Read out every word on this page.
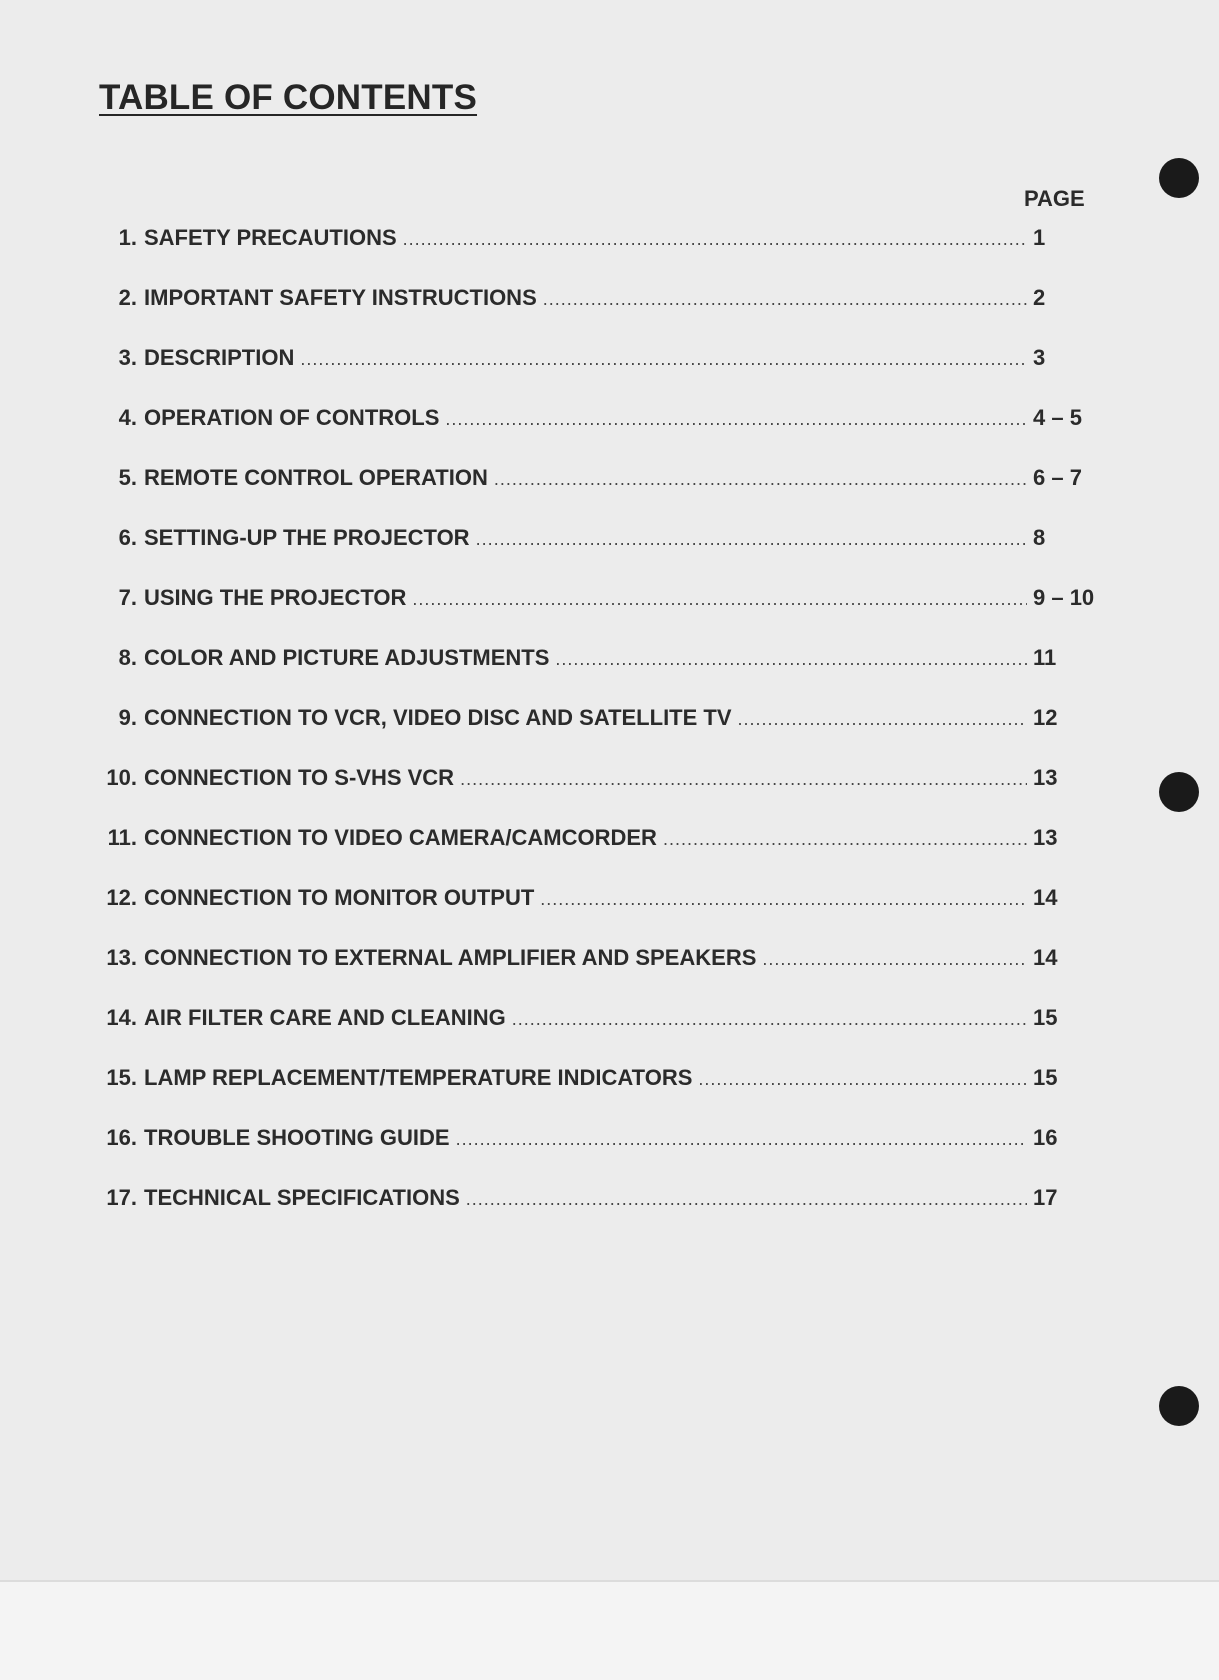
TABLE OF CONTENTS
PAGE
1. SAFETY PRECAUTIONS .....	1
2. IMPORTANT SAFETY INSTRUCTIONS .....	2
3. DESCRIPTION .....	3
4. OPERATION OF CONTROLS .....	4 – 5
5. REMOTE CONTROL OPERATION .....	6 – 7
6. SETTING-UP THE PROJECTOR .....	8
7. USING THE PROJECTOR .....	9 – 10
8. COLOR AND PICTURE ADJUSTMENTS .....	11
9. CONNECTION TO VCR, VIDEO DISC AND SATELLITE TV .....	12
10. CONNECTION TO S-VHS VCR .....	13
11. CONNECTION TO VIDEO CAMERA/CAMCORDER .....	13
12. CONNECTION TO MONITOR OUTPUT .....	14
13. CONNECTION TO EXTERNAL AMPLIFIER AND SPEAKERS .....	14
14. AIR FILTER CARE AND CLEANING .....	15
15. LAMP REPLACEMENT/TEMPERATURE INDICATORS .....	15
16. TROUBLE SHOOTING GUIDE .....	16
17. TECHNICAL SPECIFICATIONS .....	17
